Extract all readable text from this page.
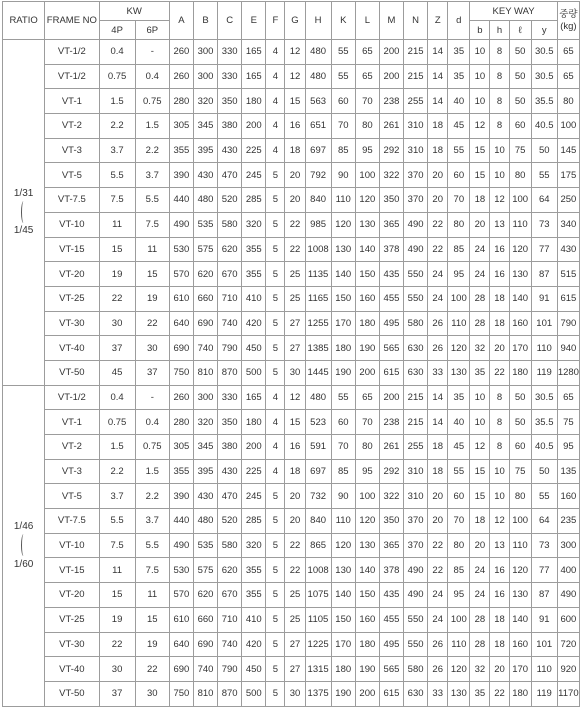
RATIO	FRAME NO	KW		A	B	C	E	F	G	H	K	L	M	N	Z	d	KEY WAY				중량 (kg)
		4P	6P														b	h	ℓ	y	

1/31
1/45	VT-1/2	0.4	-	260	300	330	165	4	12	480	55	65	200	215	14	35	10	8	50	30.5	65
	VT-1/2	0.75	0.4	260	300	330	165	4	12	480	55	65	200	215	14	35	10	8	50	30.5	65
	VT-1	1.5	0.75	280	320	350	180	4	15	563	60	70	238	255	14	40	10	8	50	35.5	80
	VT-2	2.2	1.5	305	345	380	200	4	16	651	70	80	261	310	18	45	12	8	60	40.5	100
	VT-3	3.7	2.2	355	395	430	225	4	18	697	85	95	292	310	18	55	15	10	75	50	145
	VT-5	5.5	3.7	390	430	470	245	5	20	792	90	100	322	370	20	60	15	10	80	55	175
	VT-7.5	7.5	5.5	440	480	520	285	5	20	840	110	120	350	370	20	70	18	12	100	64	250
	VT-10	11	7.5	490	535	580	320	5	22	985	120	130	365	490	22	80	20	13	110	73	340
	VT-15	15	11	530	575	620	355	5	22	1008	130	140	378	490	22	85	24	16	120	77	430
	VT-20	19	15	570	620	670	355	5	25	1135	140	150	435	550	24	95	24	16	130	87	515
	VT-25	22	19	610	660	710	410	5	25	1165	150	160	455	550	24	100	28	18	140	91	615
	VT-30	30	22	640	690	740	420	5	27	1255	170	180	495	580	26	110	28	18	160	101	790
	VT-40	37	30	690	740	790	450	5	27	1385	180	190	565	630	26	120	32	20	170	110	940
	VT-50	45	37	750	810	870	500	5	30	1445	190	200	615	630	33	130	35	22	180	119	1280

1/46
1/60	VT-1/2	0.4	-	260	300	330	165	4	12	480	55	65	200	215	14	35	10	8	50	30.5	65
	VT-1	0.75	0.4	280	320	350	180	4	15	523	60	70	238	215	14	40	10	8	50	35.5	75
	VT-2	1.5	0.75	305	345	380	200	4	16	591	70	80	261	255	18	45	12	8	60	40.5	95
	VT-3	2.2	1.5	355	395	430	225	4	18	697	85	95	292	310	18	55	15	10	75	50	135
	VT-5	3.7	2.2	390	430	470	245	5	20	732	90	100	322	310	20	60	15	10	80	55	160
	VT-7.5	5.5	3.7	440	480	520	285	5	20	840	110	120	350	370	20	70	18	12	100	64	235
	VT-10	7.5	5.5	490	535	580	320	5	22	865	120	130	365	370	22	80	20	13	110	73	300
	VT-15	11	7.5	530	575	620	355	5	22	1008	130	140	378	490	22	85	24	16	120	77	400
	VT-20	15	11	570	620	670	355	5	25	1075	140	150	435	490	24	95	24	16	130	87	490
	VT-25	19	15	610	660	710	410	5	25	1105	150	160	455	550	24	100	28	18	140	91	600
	VT-30	22	19	640	690	740	420	5	27	1225	170	180	495	550	26	110	28	18	160	101	720
	VT-40	30	22	690	740	790	450	5	27	1315	180	190	565	580	26	120	32	20	170	110	920
	VT-50	37	30	750	810	870	500	5	30	1375	190	200	615	630	33	130	35	22	180	119	1170
